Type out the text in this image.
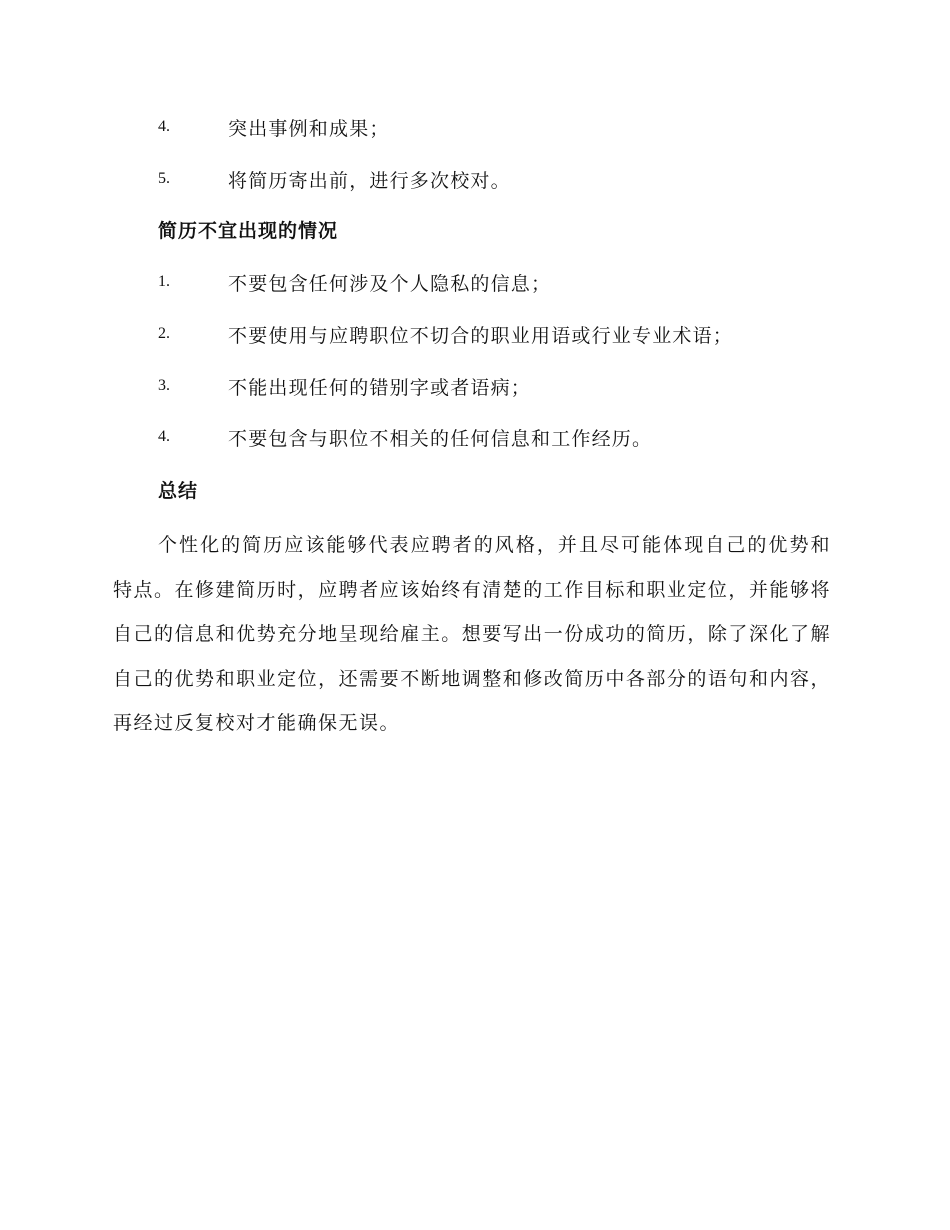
4.	突出事例和成果；
5.	将简历寄出前，进行多次校对。
简历不宜出现的情况
1.	不要包含任何涉及个人隐私的信息；
2.	不要使用与应聘职位不切合的职业用语或行业专业术语；
3.	不能出现任何的错别字或者语病；
4.	不要包含与职位不相关的任何信息和工作经历。
总结

个性化的简历应该能够代表应聘者的风格，并且尽可能体现自己的优势和特点。在修建简历时，应聘者应该始终有清楚的工作目标和职业定位，并能够将自己的信息和优势充分地呈现给雇主。想要写出一份成功的简历，除了深化了解自己的优势和职业定位，还需要不断地调整和修改简历中各部分的语句和内容，再经过反复校对才能确保无误。
